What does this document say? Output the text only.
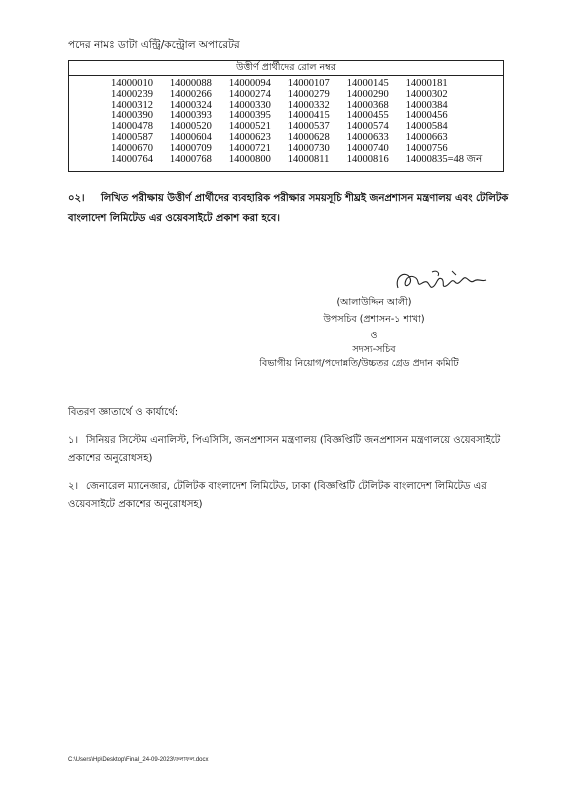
পদের নামঃ ডাটা এন্ট্রি/কন্ট্রোল অপারেটর
উত্তীর্ণ প্রার্থীদের রোল নম্বর
14000010	14000088	14000094	14000107	14000145	14000181
14000239	14000266	14000274	14000279	14000290	14000302
14000312	14000324	14000330	14000332	14000368	14000384
14000390	14000393	14000395	14000415	14000455	14000456
14000478	14000520	14000521	14000537	14000574	14000584
14000587	14000604	14000623	14000628	14000633	14000663
14000670	14000709	14000721	14000730	14000740	14000756
14000764	14000768	14000800	14000811	14000816	14000835=48 জন
০২। লিখিত পরীক্ষায় উত্তীর্ণ প্রার্থীদের ব্যবহারিক পরীক্ষার সময়সূচি শীঘ্রই জনপ্রশাসন মন্ত্রণালয় এবং টেলিটক বাংলাদেশ লিমিটেড এর ওয়েবসাইটে প্রকাশ করা হবে।
(আলাউদ্দিন আলী)
উপসচিব (প্রশাসন-১ শাখা)
ও
সদস্য-সচিব
বিভাগীয় নিয়োগ/পদোন্নতি/উচ্চতর গ্রেড প্রদান কমিটি
বিতরণ জ্ঞাতার্থে ও কার্যার্থে:
১। সিনিয়র সিস্টেম এনালিস্ট, পিএসিসি, জনপ্রশাসন মন্ত্রণালয় (বিজ্ঞপ্তিটি জনপ্রশাসন মন্ত্রণালয়ে ওয়েবসাইটে প্রকাশের অনুরোধসহ)
২। জেনারেল ম্যানেজার, টেলিটক বাংলাদেশ লিমিটেড, ঢাকা (বিজ্ঞপ্তিটি টেলিটক বাংলাদেশ লিমিটেড এর ওয়েবসাইটে প্রকাশের অনুরোধসহ)
C:\Users\Hp\Desktop\Final_24-09-2023\ফলাফল.docx
